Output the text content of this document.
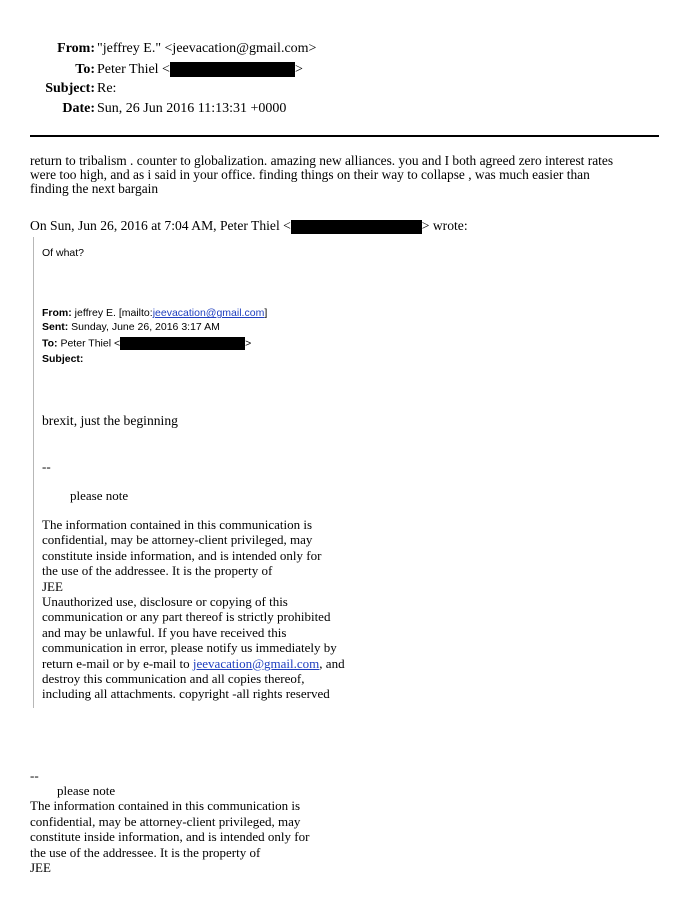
From: "jeffrey E." <jeevacation@gmail.com>
To: Peter Thiel <	>
Subject: Re:
Date: Sun, 26 Jun 2016 11:13:31 +0000
return to tribalism . counter to globalization. amazing new alliances. you and I both agreed zero interest rates
were too high, and as i said in your office. finding things on their way to collapse , was much easier than
finding the next bargain
On Sun, Jun 26, 2016 at 7:04 AM, Peter Thiel <	> wrote:
Of what?
From: jeffrey E. [mailto:jeevacation@gmail.com]
Sent: Sunday, June 26, 2016 3:17 AM
To: Peter Thiel <	>
Subject:
brexit, just the beginning
--
please note
The information contained in this communication is
confidential, may be attorney-client privileged, may
constitute inside information, and is intended only for
the use of the addressee. It is the property of
JEE
Unauthorized use, disclosure or copying of this
communication or any part thereof is strictly prohibited
and may be unlawful. If you have received this
communication in error, please notify us immediately by
return e-mail or by e-mail to jeevacation@gmail.com, and
destroy this communication and all copies thereof,
including all attachments. copyright -all rights reserved
--
please note
The information contained in this communication is
confidential, may be attorney-client privileged, may
constitute inside information, and is intended only for
the use of the addressee. It is the property of
JEE
